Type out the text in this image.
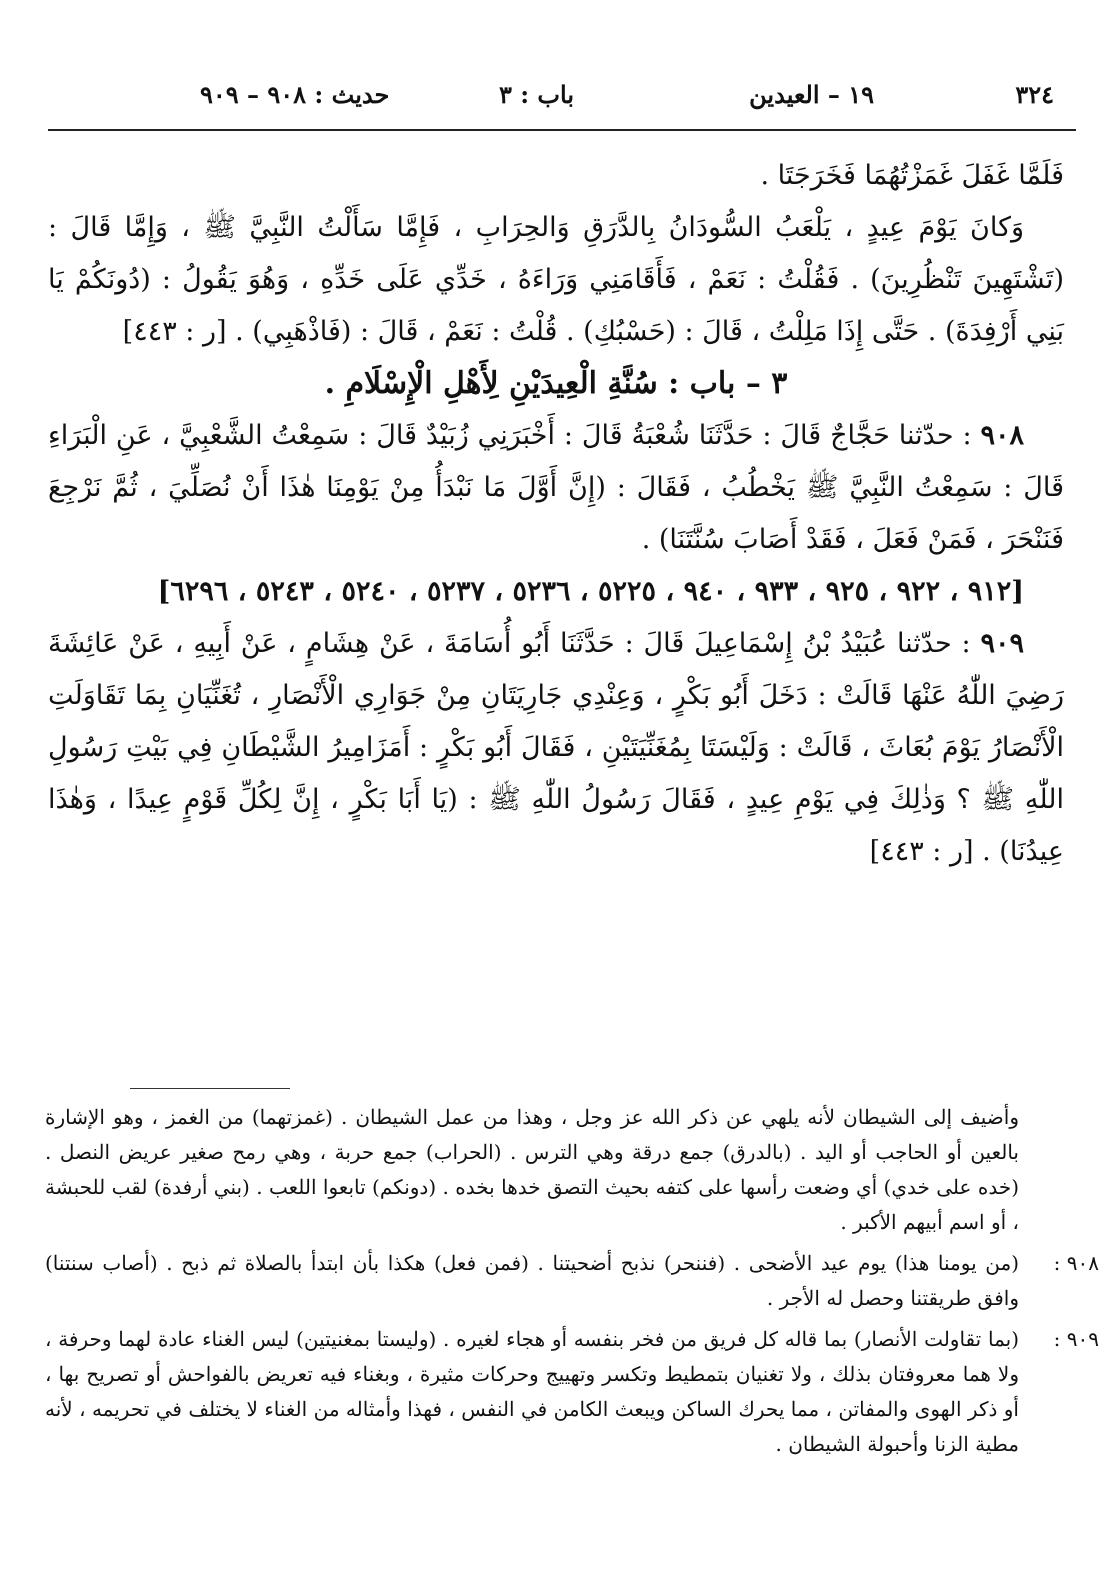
٣٢٤
١٩ – العيدين
باب : ٣
حديث : ٩٠٨ – ٩٠٩

فَلَمَّا غَفَلَ غَمَزْتُهُمَا فَخَرَجَتَا .

وَكانَ يَوْمَ عِيدٍ ، يَلْعَبُ السُّودَانُ بِالدَّرَقِ وَالحِرَابِ ، فَإِمَّا سَأَلْتُ النَّبِيَّ ﷺ ، وَإِمَّا قَالَ : (تَشْتَهِينَ تَنْظُرِينَ) . فَقُلْتُ : نَعَمْ ، فَأَقَامَنِي وَرَاءَهُ ، خَدِّي عَلَى خَدِّهِ ، وَهُوَ يَقُولُ : (دُونَكُمْ يَا بَنِي أَرْفِدَةَ) . حَتَّى إِذَا مَلِلْتُ ، قَالَ : (حَسْبُكِ) . قُلْتُ : نَعَمْ ، قَالَ : (فَاذْهَبِي) . [ر : ٤٤٣]

٣ – باب : سُنَّةِ الْعِيدَيْنِ لِأَهْلِ الْإِسْلَامِ .

٩٠٨ : حدّثنا حَجَّاجٌ قَالَ : حَدَّثَنَا شُعْبَةُ قَالَ : أَخْبَرَنِي زُبَيْدٌ قَالَ : سَمِعْتُ الشَّعْبِيَّ ، عَنِ الْبَرَاءِ قَالَ : سَمِعْتُ النَّبِيَّ ﷺ يَخْطُبُ ، فَقَالَ : (إِنَّ أَوَّلَ مَا نَبْدَأُ مِنْ يَوْمِنَا هٰذَا أَنْ نُصَلِّيَ ، ثُمَّ نَرْجِعَ فَنَنْحَرَ ، فَمَنْ فَعَلَ ، فَقَدْ أَصَابَ سُنَّتَنَا) .

[٩١٢ ، ٩٢٢ ، ٩٢٥ ، ٩٣٣ ، ٩٤٠ ، ٥٢٢٥ ، ٥٢٣٦ ، ٥٢٣٧ ، ٥٢٤٠ ، ٥٢٤٣ ، ٦٢٩٦]

٩٠٩ : حدّثنا عُبَيْدُ بْنُ إِسْمَاعِيلَ قَالَ : حَدَّثَنَا أَبُو أُسَامَةَ ، عَنْ هِشَامٍ ، عَنْ أَبِيهِ ، عَنْ عَائِشَةَ رَضِيَ اللّٰهُ عَنْهَا قَالَتْ : دَخَلَ أَبُو بَكْرٍ ، وَعِنْدِي جَارِيَتَانِ مِنْ جَوَارِي الْأَنْصَارِ ، تُغَنِّيَانِ بِمَا تَقَاوَلَتِ الْأَنْصَارُ يَوْمَ بُعَاثَ ، قَالَتْ : وَلَيْسَتَا بِمُغَنِّيَتَيْنِ ، فَقَالَ أَبُو بَكْرٍ : أَمَزَامِيرُ الشَّيْطَانِ فِي بَيْتِ رَسُولِ اللّٰهِ ﷺ ؟ وَذٰلِكَ فِي يَوْمِ عِيدٍ ، فَقَالَ رَسُولُ اللّٰهِ ﷺ : (يَا أَبَا بَكْرٍ ، إِنَّ لِكُلِّ قَوْمٍ عِيدًا ، وَهٰذَا عِيدُنَا) . [ر : ٤٤٣]

وأضيف إلى الشيطان لأنه يلهي عن ذكر الله عز وجل ، وهذا من عمل الشيطان . (غمزتهما) من الغمز ، وهو الإشارة بالعين أو الحاجب أو اليد . (بالدرق) جمع درقة وهي الترس . (الحراب) جمع حربة ، وهي رمح صغير عريض النصل . (خده على خدي) أي وضعت رأسها على كتفه بحيث التصق خدها بخده . (دونكم) تابعوا اللعب . (بني أرفدة) لقب للحبشة ، أو اسم أبيهم الأكبر .

٩٠٨ :

(من يومنا هذا) يوم عيد الأضحى . (فننحر) نذبح أضحيتنا . (فمن فعل) هكذا بأن ابتدأ بالصلاة ثم ذبح . (أصاب سنتنا) وافق طريقتنا وحصل له الأجر .

٩٠٩ :

(بما تقاولت الأنصار) بما قاله كل فريق من فخر بنفسه أو هجاء لغيره . (وليستا بمغنيتين) ليس الغناء عادة لهما وحرفة ، ولا هما معروفتان بذلك ، ولا تغنيان بتمطيط وتكسر وتهييج وحركات مثيرة ، وبغناء فيه تعريض بالفواحش أو تصريح بها ، أو ذكر الهوى والمفاتن ، مما يحرك الساكن ويبعث الكامن في النفس ، فهذا وأمثاله من الغناء لا يختلف في تحريمه ، لأنه مطية الزنا وأحبولة الشيطان .
